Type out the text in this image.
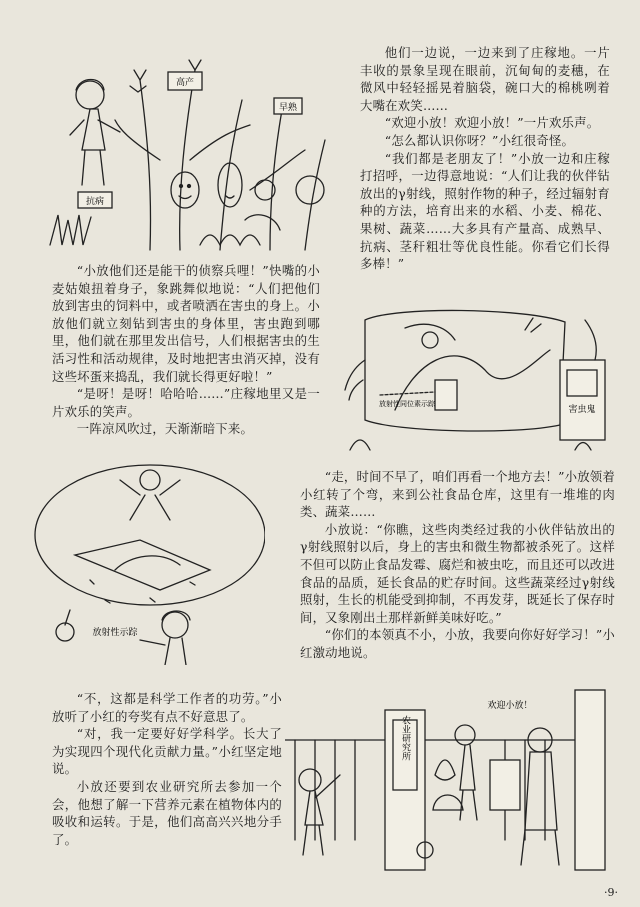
高产
早熟
抗病

他们一边说，一边来到了庄稼地。一片丰收的景象呈现在眼前，沉甸甸的麦穗，在微风中轻轻摇晃着脑袋，碗口大的棉桃咧着大嘴在欢笑……

“欢迎小放！欢迎小放！”一片欢乐声。

“怎么都认识你呀？”小红很奇怪。

“我们都是老朋友了！”小放一边和庄稼打招呼，一边得意地说：“人们让我的伙伴钻放出的γ射线，照射作物的种子，经过辐射育种的方法，培育出来的水稻、小麦、棉花、果树、蔬菜……大多具有产量高、成熟早、抗病、茎秆粗壮等优良性能。你看它们长得多棒！”

“小放他们还是能干的侦察兵哩！”快嘴的小麦姑娘扭着身子，象跳舞似地说：“人们把他们放到害虫的饲料中，或者喷洒在害虫的身上。小放他们就立刻钻到害虫的身体里，害虫跑到哪里，他们就在那里发出信号，人们根据害虫的生活习性和活动规律，及时地把害虫消灭掉，没有这些坏蛋来捣乱，我们就长得更好啦！”

“是呀！是呀！哈哈哈……”庄稼地里又是一片欢乐的笑声。

一阵凉风吹过，天渐渐暗下来。

害虫鬼
放射性同位素示踪
放射性示踪

“走，时间不早了，咱们再看一个地方去！”小放领着小红转了个弯，来到公社食品仓库，这里有一堆堆的肉类、蔬菜……

小放说：“你瞧，这些肉类经过我的小伙伴钻放出的γ射线照射以后，身上的害虫和微生物都被杀死了。这样不但可以防止食品发霉、腐烂和被虫吃，而且还可以改进食品的品质，延长食品的贮存时间。这些蔬菜经过γ射线照射，生长的机能受到抑制，不再发芽，既延长了保存时间，又象刚出土那样新鲜美味好吃。”

“你们的本领真不小，小放，我要向你好好学习！”小红激动地说。

“不，这都是科学工作者的功劳。”小放听了小红的夸奖有点不好意思了。

“对，我一定要好好学科学。长大了为实现四个现代化贡献力量。”小红坚定地说。

小放还要到农业研究所去参加一个会，他想了解一下营养元素在植物体内的吸收和运转。于是，他们高高兴兴地分手了。

农业研究所
欢迎小放！
·9·
